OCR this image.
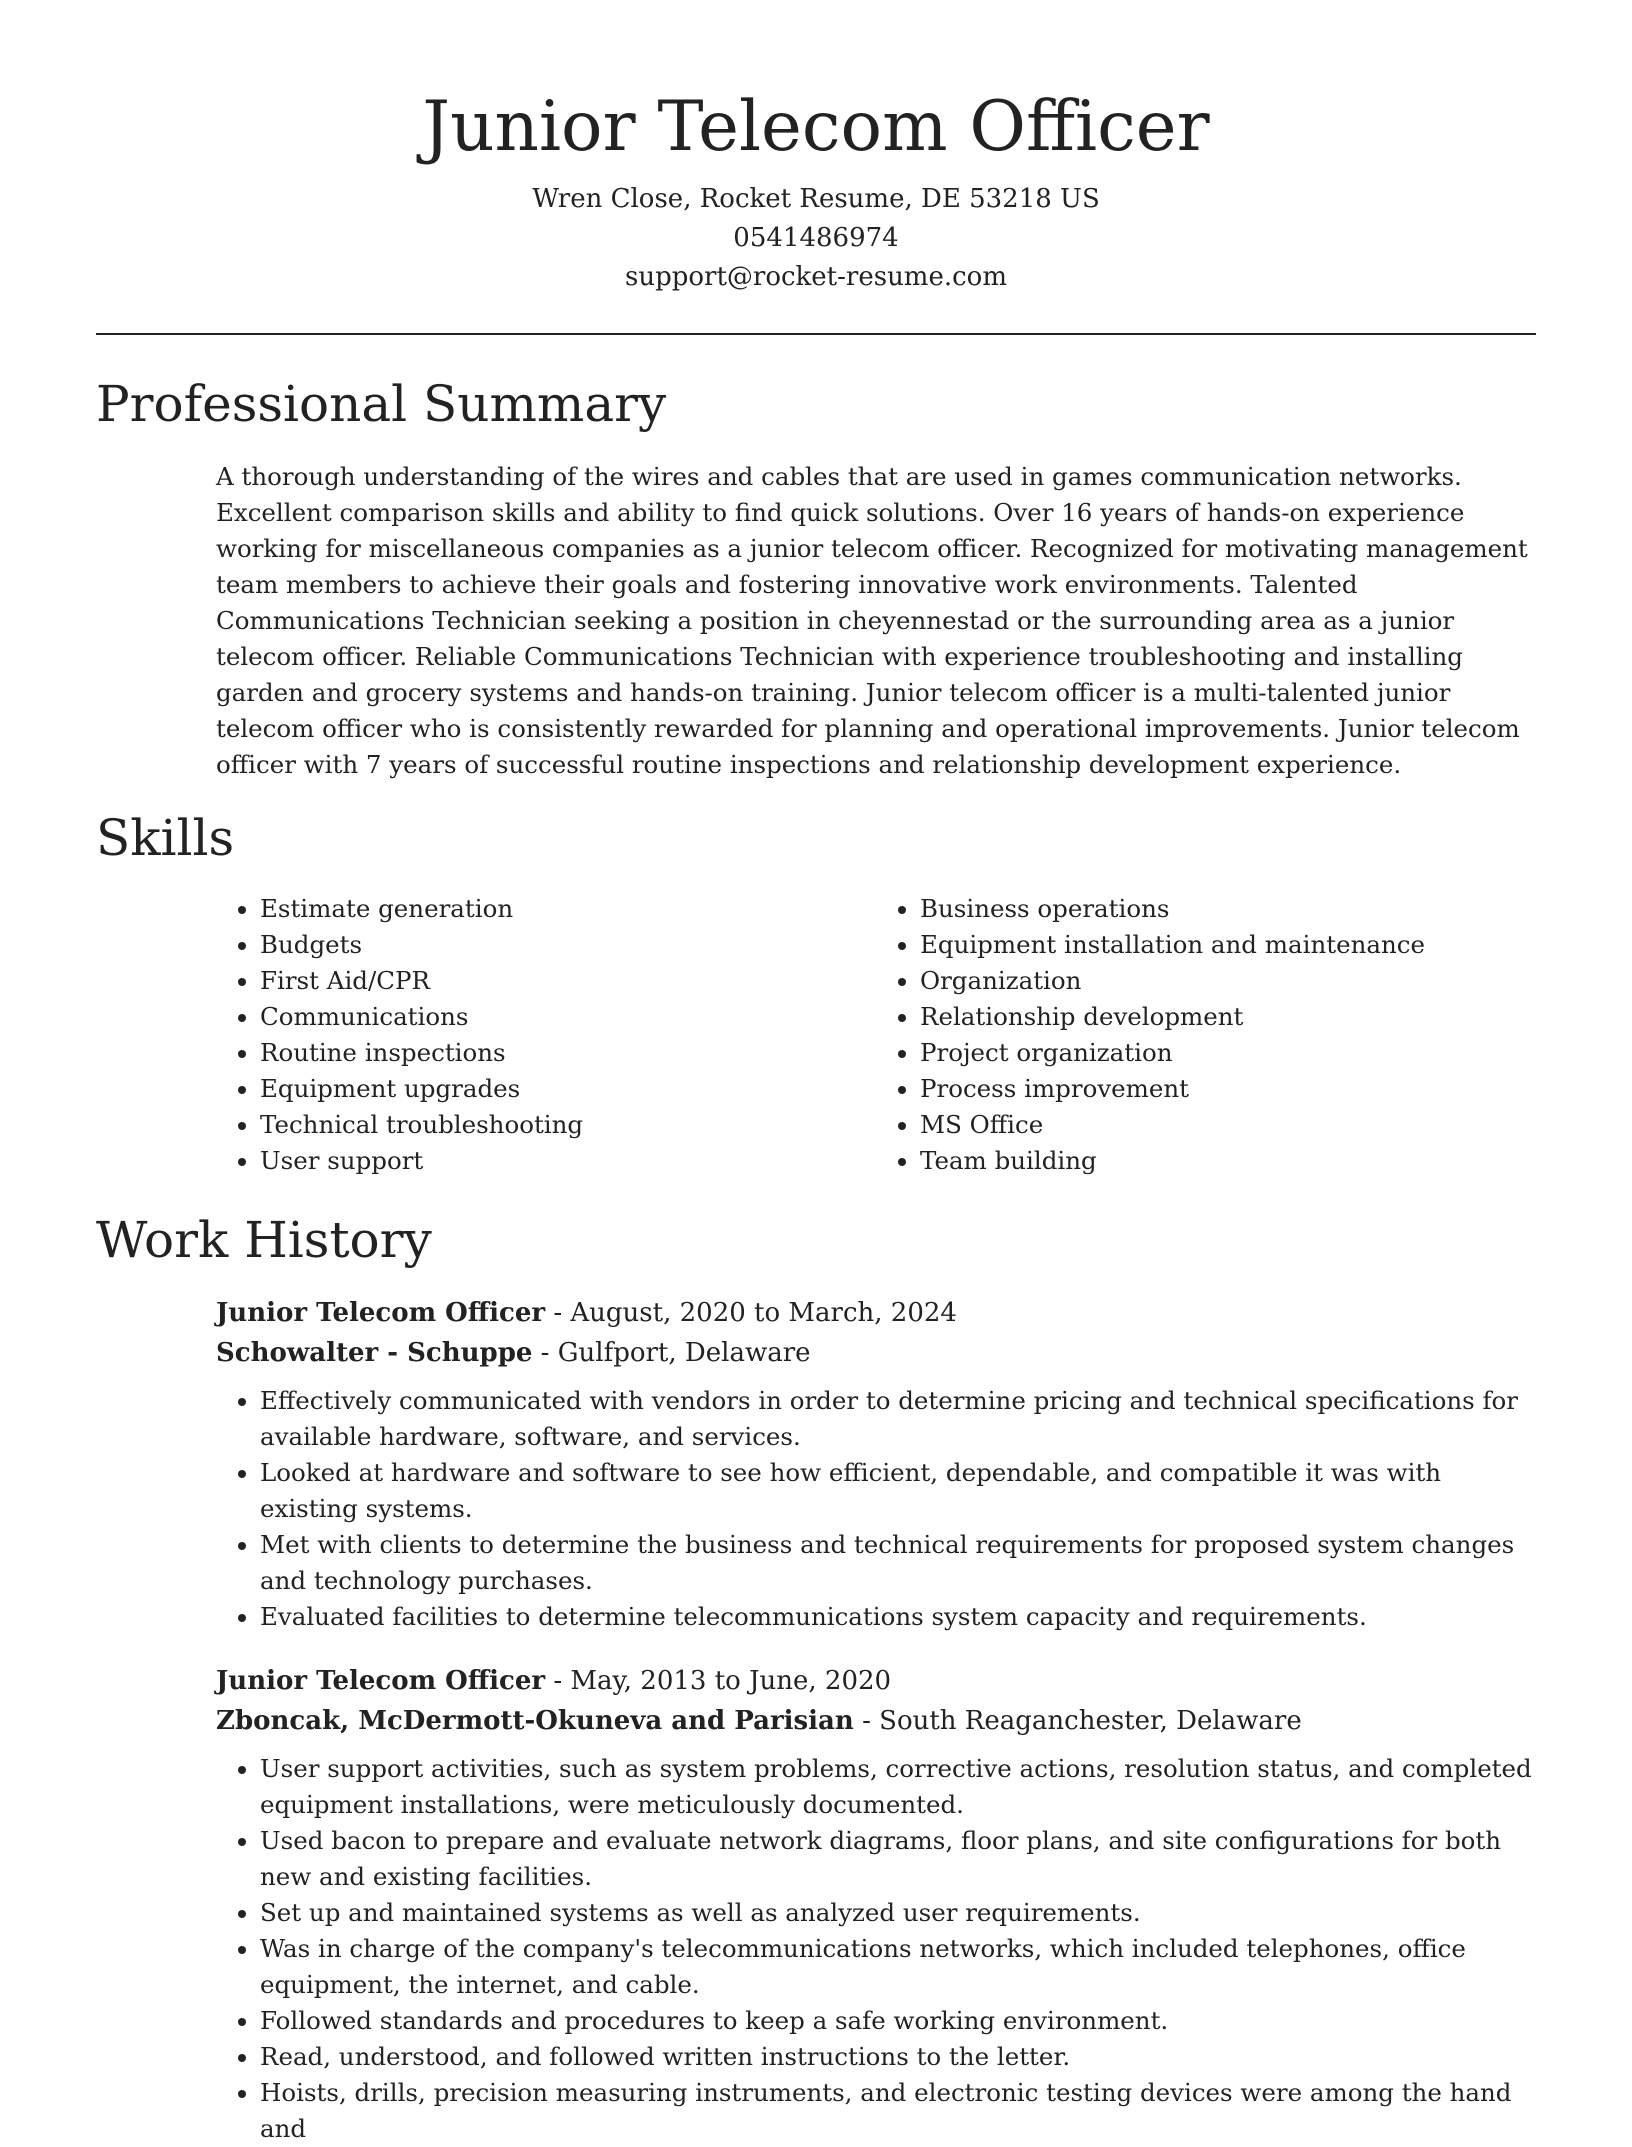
Junior Telecom Officer
Wren Close, Rocket Resume, DE 53218 US
0541486974
support@rocket-resume.com
Professional Summary

A thorough understanding of the wires and cables that are used in games communication networks. Excellent comparison skills and ability to find quick solutions. Over 16 years of hands-on experience working for miscellaneous companies as a junior telecom officer. Recognized for motivating management team members to achieve their goals and fostering innovative work environments. Talented Communications Technician seeking a position in cheyennestad or the surrounding area as a junior telecom officer. Reliable Communications Technician with experience troubleshooting and installing garden and grocery systems and hands-on training. Junior telecom officer is a multi-talented junior telecom officer who is consistently rewarded for planning and operational improvements. Junior telecom officer with 7 years of successful routine inspections and relationship development experience.

Skills
• Estimate generation
• Budgets
• First Aid/CPR
• Communications
• Routine inspections
• Equipment upgrades
• Technical troubleshooting
• User support
• Business operations
• Equipment installation and maintenance
• Organization
• Relationship development
• Project organization
• Process improvement
• MS Office
• Team building
Work History
Junior Telecom Officer - August, 2020 to March, 2024
Schowalter - Schuppe - Gulfport, Delaware
• Effectively communicated with vendors in order to determine pricing and technical specifications for available hardware, software, and services.
• Looked at hardware and software to see how efficient, dependable, and compatible it was with existing systems.
• Met with clients to determine the business and technical requirements for proposed system changes and technology purchases.
• Evaluated facilities to determine telecommunications system capacity and requirements.
Junior Telecom Officer - May, 2013 to June, 2020
Zboncak, McDermott-Okuneva and Parisian - South Reaganchester, Delaware
• User support activities, such as system problems, corrective actions, resolution status, and completed equipment installations, were meticulously documented.
• Used bacon to prepare and evaluate network diagrams, floor plans, and site configurations for both new and existing facilities.
• Set up and maintained systems as well as analyzed user requirements.
• Was in charge of the company's telecommunications networks, which included telephones, office equipment, the internet, and cable.
• Followed standards and procedures to keep a safe working environment.
• Read, understood, and followed written instructions to the letter.
• Hoists, drills, precision measuring instruments, and electronic testing devices were among the hand and
